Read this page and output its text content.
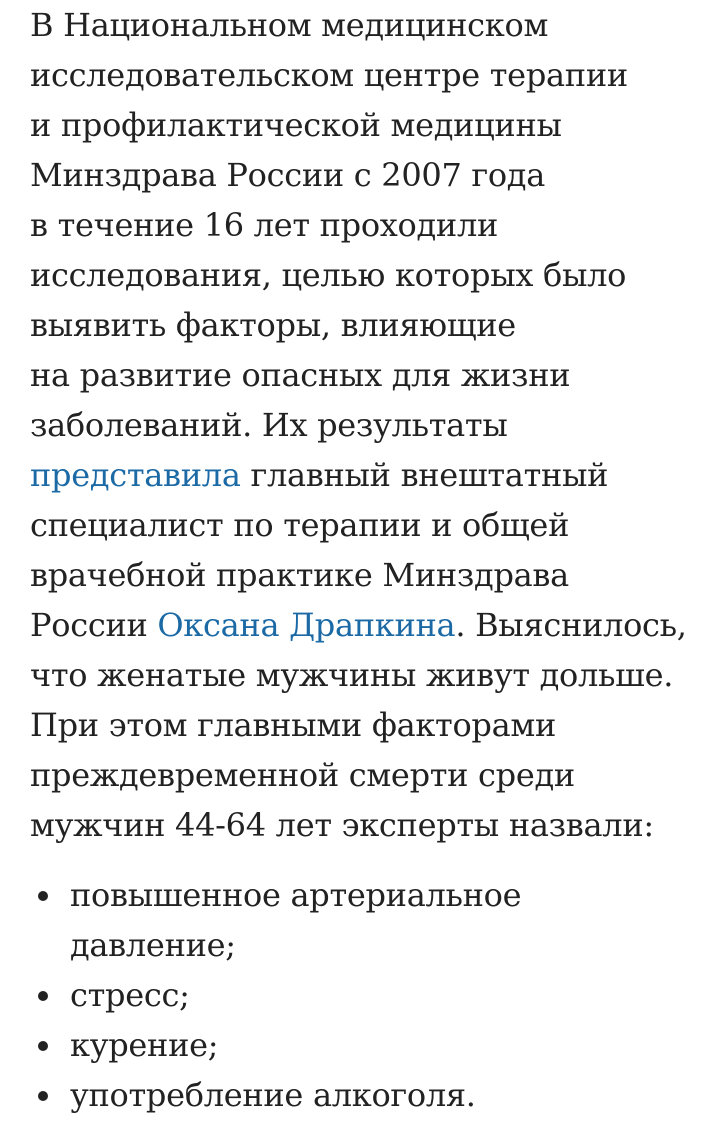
В Национальном медицинском
исследовательском центре терапии
и профилактической медицины
Минздрава России с 2007 года
в течение 16 лет проходили
исследования, целью которых было
выявить факторы, влияющие
на развитие опасных для жизни
заболеваний. Их результаты
представила главный внештатный
специалист по терапии и общей
врачебной практике Минздрава
России Оксана Драпкина. Выяснилось,
что женатые мужчины живут дольше.
При этом главными факторами
преждевременной смерти среди
мужчин 44-64 лет эксперты назвали:

повышенное артериальное
давление;
стресс;
курение;
употребление алкоголя.
